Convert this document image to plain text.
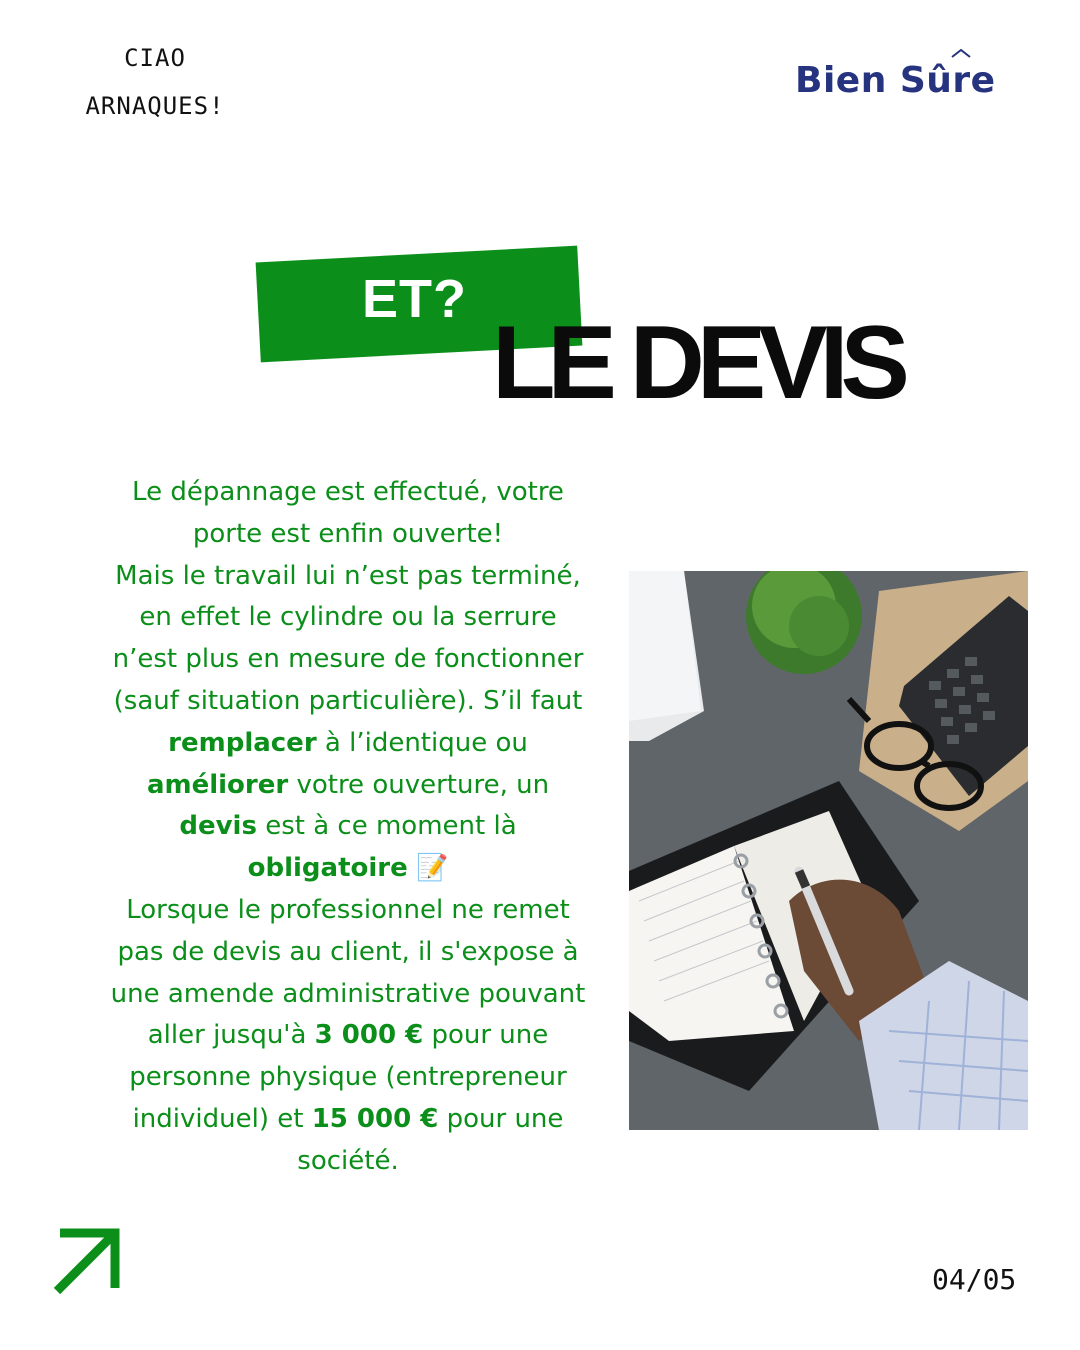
CIAO
ARNAQUES!
Bien Sûre
ET?
LE DEVIS
Le dépannage est effectué, votre porte est enfin ouverte!
Mais le travail lui n’est pas terminé, en effet le cylindre ou la serrure n’est plus en mesure de fonctionner (sauf situation particulière). S’il faut remplacer à l’identique ou améliorer votre ouverture, un devis est à ce moment là obligatoire 📝
Lorsque le professionnel ne remet pas de devis au client, il s'expose à une amende administrative pouvant aller jusqu'à 3 000 € pour une personne physique (entrepreneur individuel) et 15 000 € pour une société.
04/05
